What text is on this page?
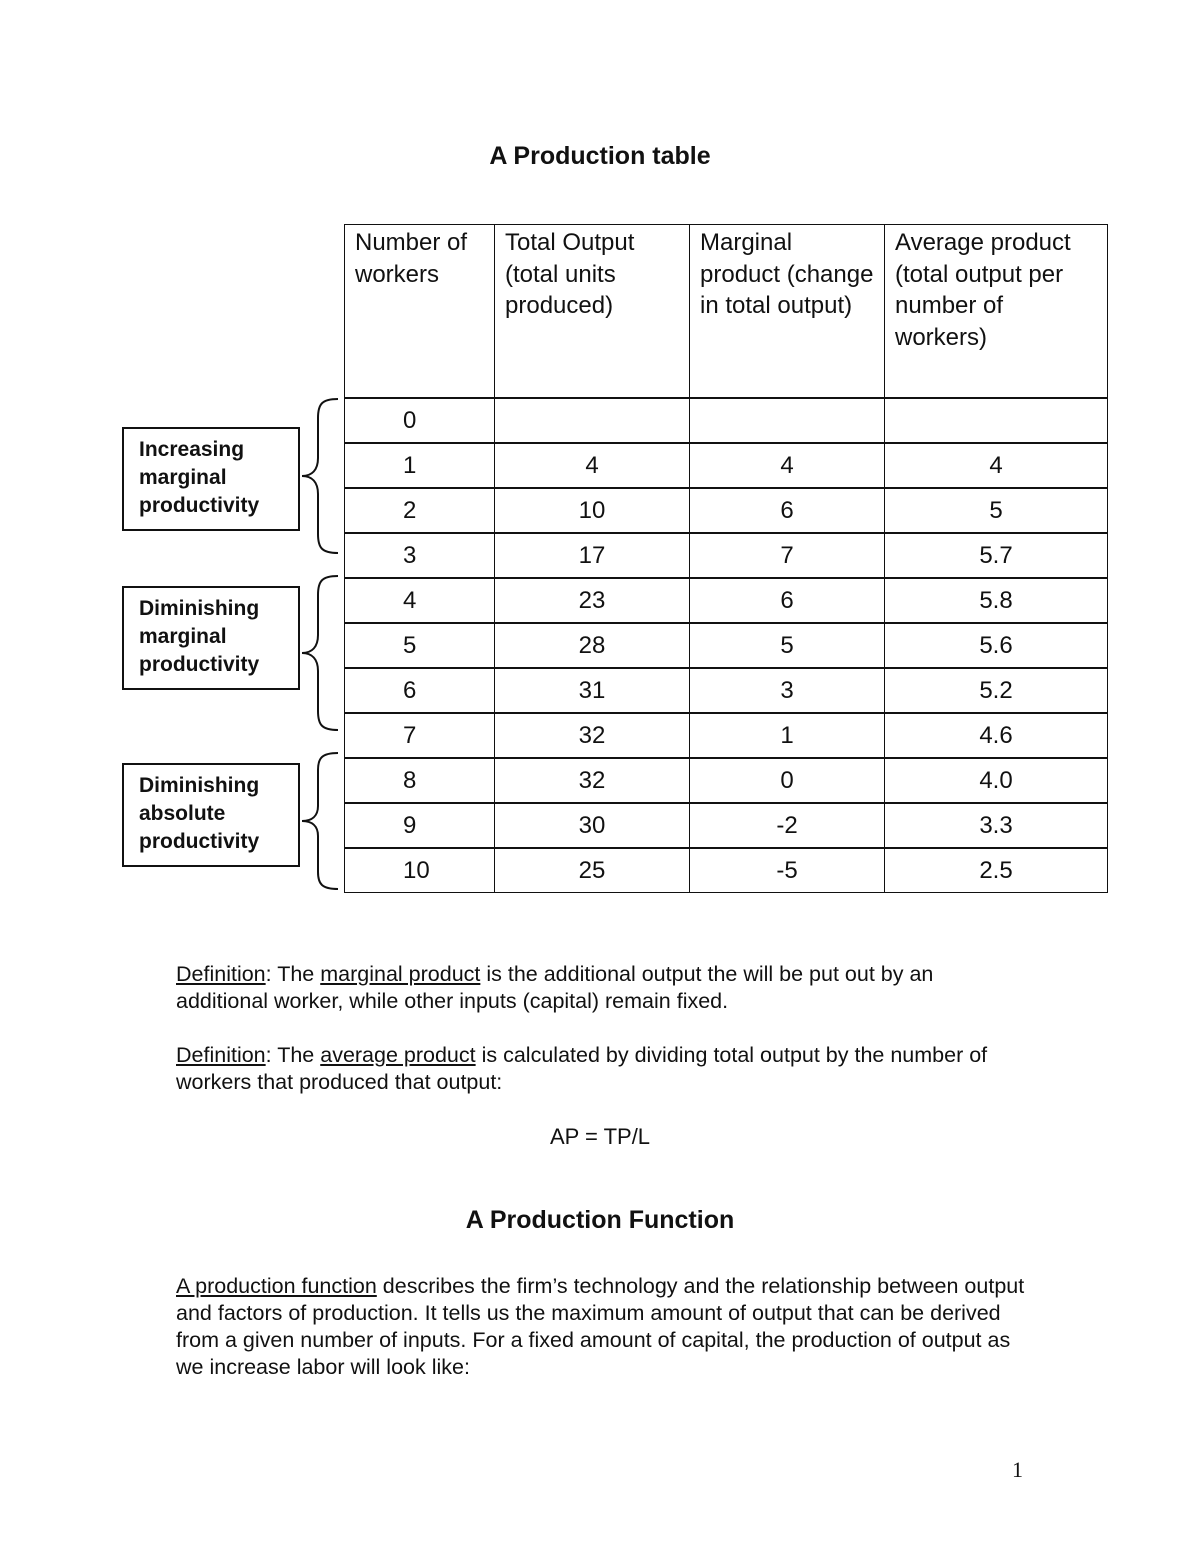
A Production table
Number of workers	Total Output (total units produced)	Marginal product (change in total output)	Average product (total output per number of workers)
0			
1	4	4	4
2	10	6	5
3	17	7	5.7
4	23	6	5.8
5	28	5	5.6
6	31	3	5.2
7	32	1	4.6
8	32	0	4.0
9	30	-2	3.3
10	25	-5	2.5
Increasing marginal productivity
Diminishing marginal productivity
Diminishing absolute productivity
Definition: The marginal product is the additional output the will be put out by an additional worker, while other inputs (capital) remain fixed.
Definition: The average product is calculated by dividing total output by the number of workers that produced that output:
AP = TP/L
A Production Function
A production function describes the firm’s technology and the relationship between output and factors of production. It tells us the maximum amount of output that can be derived from a given number of inputs. For a fixed amount of capital, the production of output as we increase labor will look like:
1
